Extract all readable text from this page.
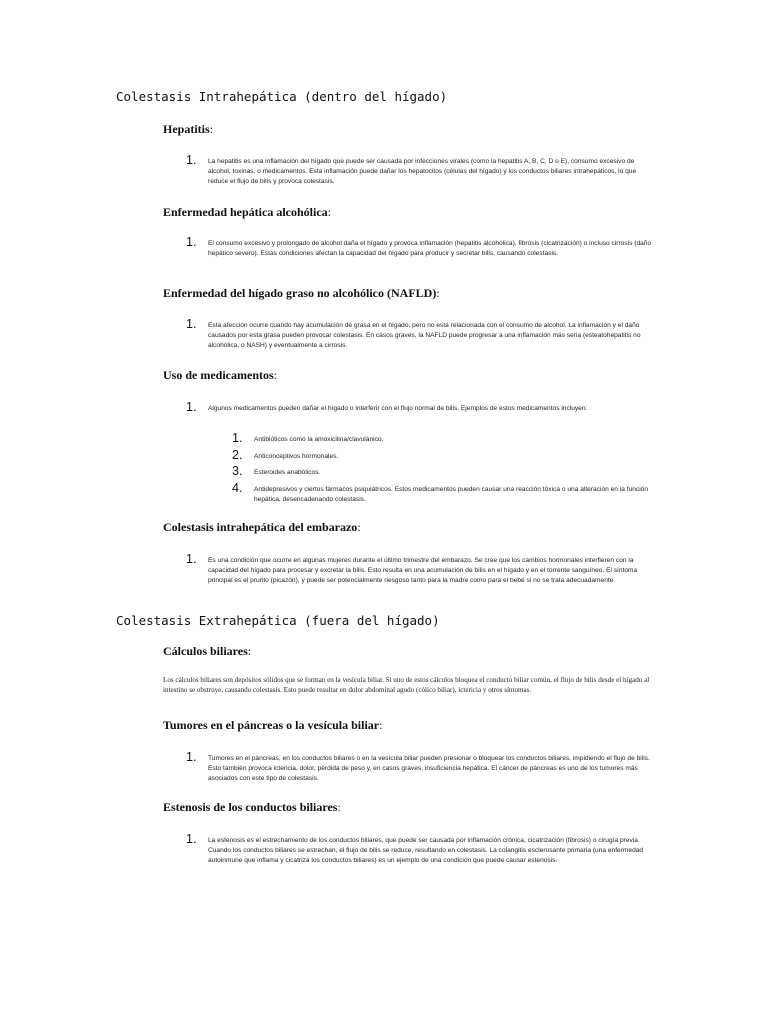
Colestasis Intrahepática (dentro del hígado)
Hepatitis:
1. La hepatitis es una inflamación del hígado que puede ser causada por infecciones virales (como la hepatitis A, B, C, D o E), consumo excesivo de alcohol, toxinas, o medicamentos. Esta inflamación puede dañar los hepatocitos (células del hígado) y los conductos biliares intrahepáticos, lo que reduce el flujo de bilis y provoca colestasis.
Enfermedad hepática alcohólica:
1. El consumo excesivo y prolongado de alcohol daña el hígado y provoca inflamación (hepatitis alcohólica), fibrosis (cicatrización) o incluso cirrosis (daño hepático severo). Estas condiciones afectan la capacidad del hígado para producir y secretar bilis, causando colestasis.
Enfermedad del hígado graso no alcohólico (NAFLD):
1. Esta afección ocurre cuando hay acumulación de grasa en el hígado, pero no está relacionada con el consumo de alcohol. La inflamación y el daño causados por esta grasa pueden provocar colestasis. En casos graves, la NAFLD puede progresar a una inflamación más seria (esteatohepatitis no alcohólica, o NASH) y eventualmente a cirrosis.
Uso de medicamentos:
1. Algunos medicamentos pueden dañar el hígado o interferir con el flujo normal de bilis. Ejemplos de estos medicamentos incluyen:
1. Antibióticos como la amoxicilina/clavulánico.
2. Anticonceptivos hormonales.
3. Esteroides anabólicos.
4. Antidepresivos y ciertos fármacos psiquiátricos. Estos medicamentos pueden causar una reacción tóxica o una alteración en la función hepática, desencadenando colestasis.
Colestasis intrahepática del embarazo:
1. Es una condición que ocurre en algunas mujeres durante el último trimestre del embarazo. Se cree que los cambios hormonales interfieren con la capacidad del hígado para procesar y excretar la bilis. Esto resulta en una acumulación de bilis en el hígado y en el torrente sanguíneo. El síntoma principal es el prurito (picazón), y puede ser potencialmente riesgoso tanto para la madre como para el bebé si no se trata adecuadamente.
Colestasis Extrahepática (fuera del hígado)
Cálculos biliares:
Los cálculos biliares son depósitos sólidos que se forman en la vesícula biliar. Si uno de estos cálculos bloquea el conducto biliar común, el flujo de bilis desde el hígado al intestino se obstruye, causando colestasis. Esto puede resultar en dolor abdominal agudo (cólico biliar), ictericia y otros síntomas.
Tumores en el páncreas o la vesícula biliar:
1. Tumores en el páncreas, en los conductos biliares o en la vesícula biliar pueden presionar o bloquear los conductos biliares, impidiendo el flujo de bilis. Esto también provoca ictericia, dolor, pérdida de peso y, en casos graves, insuficiencia hepática. El cáncer de páncreas es uno de los tumores más asociados con este tipo de colestasis.
Estenosis de los conductos biliares:
1. La estenosis es el estrechamiento de los conductos biliares, que puede ser causada por inflamación crónica, cicatrización (fibrosis) o cirugía previa. Cuando los conductos biliares se estrechan, el flujo de bilis se reduce, resultando en colestasis. La colangitis esclerosante primaria (una enfermedad autoinmune que inflama y cicatriza los conductos biliares) es un ejemplo de una condición que puede causar estenosis.
